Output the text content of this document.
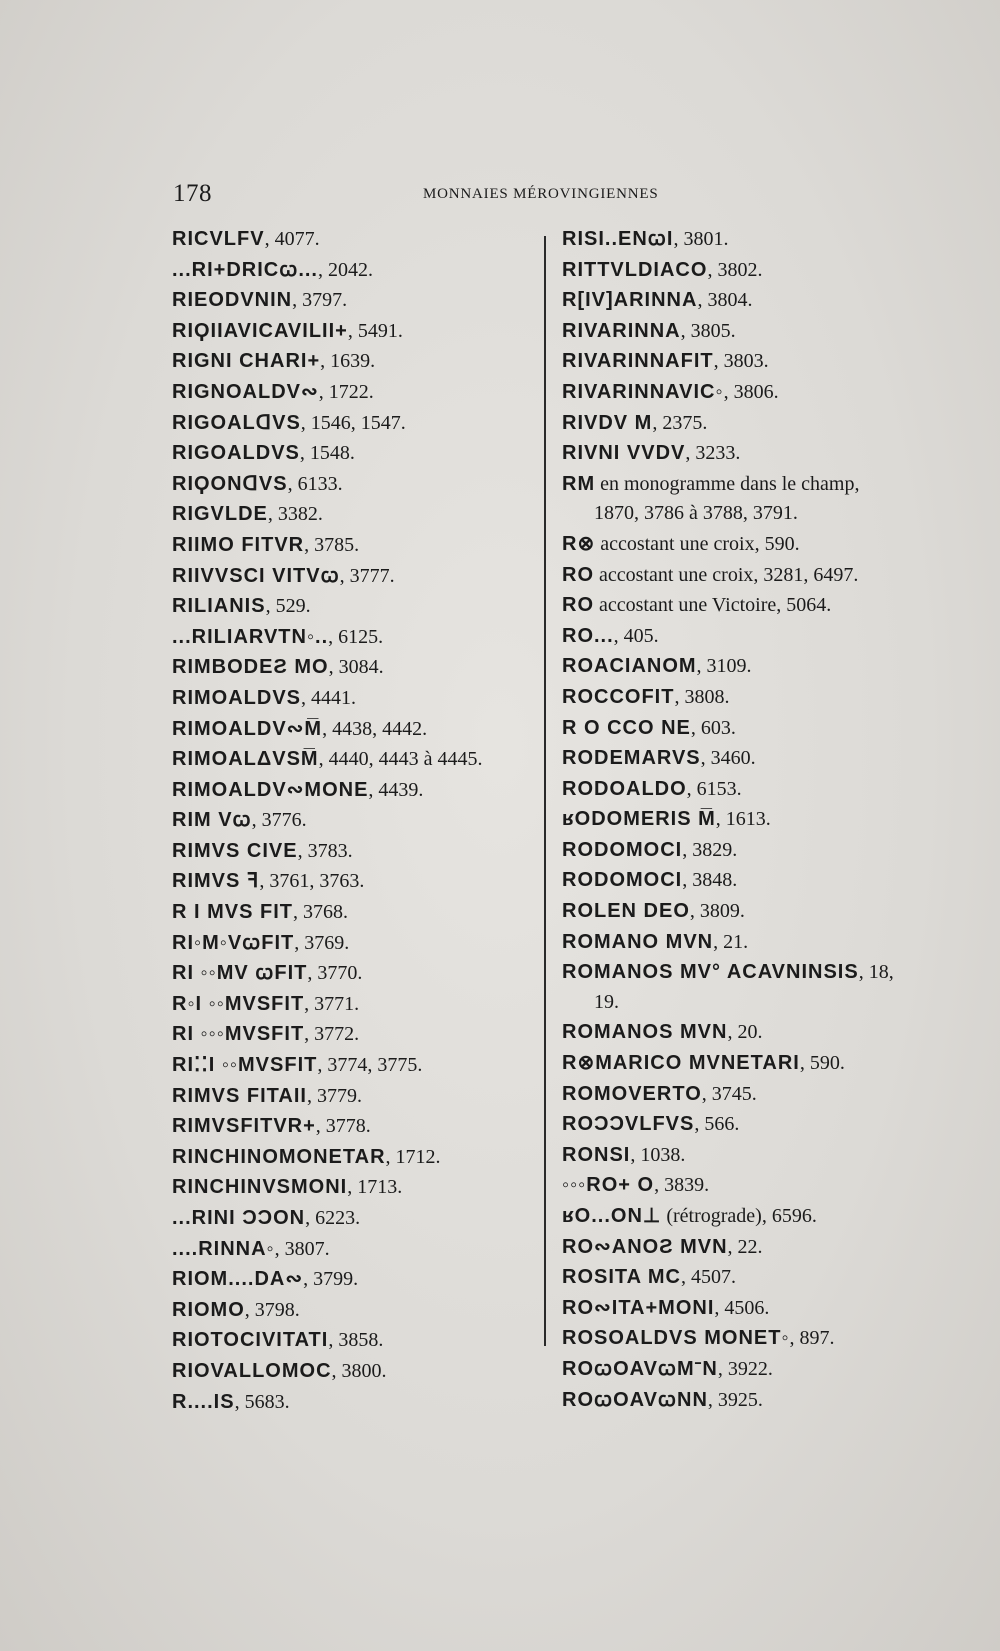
178	MONNAIES MÉROVINGIENNES
RICVLFV, 4077.
...RI+DRICꞷ..., 2042.
RIEODVNIN, 3797.
RIϘIIAVICAVILII+, 5491.
RIGNI CHARI+, 1639.
RIGNOALDV∾, 1722.
RIGOALᗡVS, 1546, 1547.
RIGOALDVS, 1548.
RIϘONᗡVS, 6133.
RIGVLDE, 3382.
RIIMO FITVR, 3785.
RIIVVSCI VITVꞷ, 3777.
RILIANIS, 529.
...RILIARVTN◦.., 6125.
RIMBODEƧ MO, 3084.
RIMOALDVS, 4441.
RIMOALDV∾M̅, 4438, 4442.
RIMOALΔVSM̅, 4440, 4443 à 4445.
RIMOALDV∾MONE, 4439.
RIM Vꞷ, 3776.
RIMVS CIVE, 3783.
RIMVS ꟻ, 3761, 3763.
R I MVS FIT, 3768.
RI◦M◦VꞷFIT, 3769.
RI ◦◦MV ꞷFIT, 3770.
R◦I ◦◦MVSFIT, 3771.
RI ◦◦◦MVSFIT, 3772.
RI⁚⁚I ◦◦MVSFIT, 3774, 3775.
RIMVS FITAII, 3779.
RIMVSFITVR+, 3778.
RINCHINOMONETAR, 1712.
RINCHINVSMONI, 1713.
...RINI ƆƆON, 6223.
....RINNA◦, 3807.
RIOM....DA∾, 3799.
RIOMO, 3798.
RIOTOCIVITATI, 3858.
RIOVALLOMOC, 3800.
R....IS, 5683.
RISI..ENꞷI, 3801.
RITTVLDIACO, 3802.
R[IV]ARINNA, 3804.
RIVARINNA, 3805.
RIVARINNAFIT, 3803.
RIVARINNAVIC◦, 3806.
RIVDV M, 2375.
RIVNI VVDV, 3233.
RM en monogramme dans le champ,
1870, 3786 à 3788, 3791.
R⊗ accostant une croix, 590.
RO accostant une croix, 3281, 6497.
RO accostant une Victoire, 5064.
RO..., 405.
ROACIANOM, 3109.
ROCCOFIT, 3808.
R O CCO NE, 603.
RODEMARVS, 3460.
RODOALDO, 6153.
ʁODOMERIS M̅, 1613.
RODOMOCI, 3829.
RODOMOCI, 3848.
ROLEN DEO, 3809.
ROMANO MVN, 21.
ROMANOS MV° ACAVNINSIS, 18,
19.
ROMANOS MVN, 20.
R⊗MARICO MVNETARI, 590.
ROMOVERTO, 3745.
ROƆƆVLFVS, 566.
RONSI, 1038.
◦◦◦RO+ O, 3839.
ʁO...ON⊥ (rétrograde), 6596.
RO∾ANOƧ MVN, 22.
ROSITA MC, 4507.
RO∾ITA+MONI, 4506.
ROSOALDVS MONET◦, 897.
ROꞷOAVꞷM⁻N, 3922.
ROꞷOAVꞷNN, 3925.
